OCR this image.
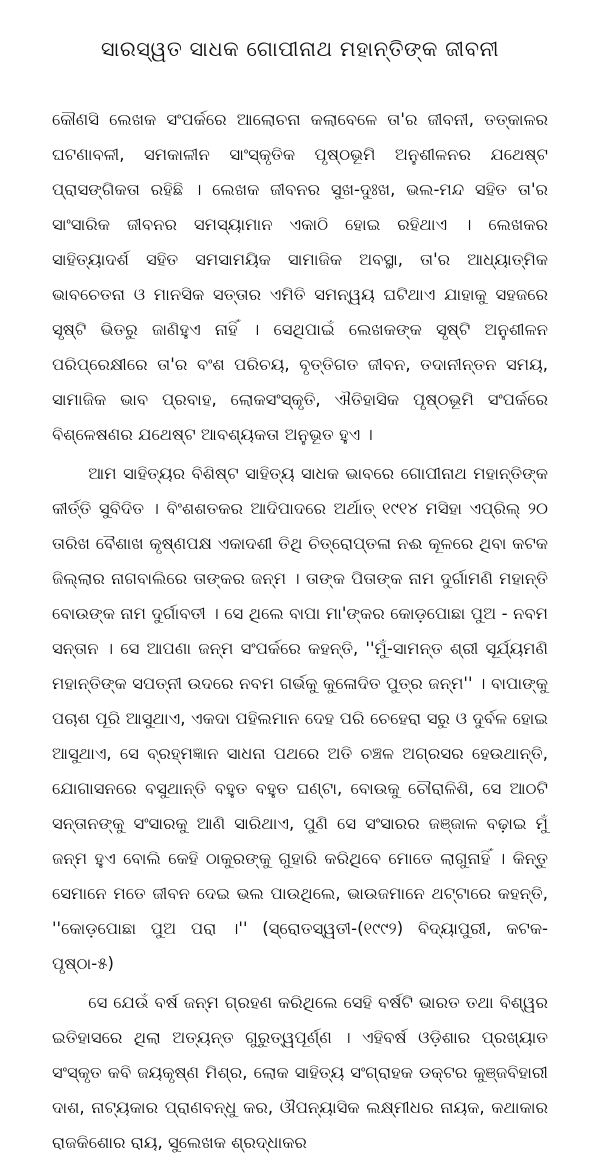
ସାରସ୍ୱତ ସାଧକ ଗୋପୀନାଥ ମହାନ୍ତିଙ୍କ ଜୀବନୀ

କୌଣସି ଲେଖକ ସଂପର୍କରେ ଆଲୋଚନା କଲାବେଳେ ତା'ର ଜୀବନୀ, ତତ୍କାଳର ଘଟଣାବଳୀ, ସମକାଳୀନ ସାଂସ୍କୃତିକ ପୃଷ୍ଠଭୂମି ଅନୁଶୀଳନର ଯଥେଷ୍ଟ ପ୍ରାସଙ୍ଗିକତା ରହିଛି । ଲେଖକ ଜୀବନର ସୁଖ-ଦୁଃଖ, ଭଲ-ମନ୍ଦ ସହିତ ତା'ର ସାଂସାରିକ ଜୀବନର ସମସ୍ୟାମାନ ଏକାଠି ହୋଇ ରହିଥାଏ । ଲେଖକର ସାହିତ୍ୟାଦର୍ଶ ସହିତ ସମସାମୟିକ ସାମାଜିକ ଅବସ୍ଥା, ତା'ର ଆଧ୍ୟାତ୍ମିକ ଭାବଚେତନା ଓ ମାନସିକ ସତ୍ତାର ଏମିତି ସମନ୍ୱୟ ଘଟିଥାଏ ଯାହାକୁ ସହଜରେ ସୃଷ୍ଟି ଭିତରୁ ଜାଣିହୁଏ ନାହିଁ । ସେଥିପାଇଁ ଲେଖକଙ୍କ ସୃଷ୍ଟି ଅନୁଶୀଳନ ପରିପ୍ରେକ୍ଷୀରେ ତା'ର ବଂଶ ପରିଚୟ, ବୃତ୍ତିଗତ ଜୀବନ, ତଦାନୀନ୍ତନ ସମୟ, ସାମାଜିକ ଭାବ ପ୍ରବାହ, ଲୋକସଂସ୍କୃତି, ଐତିହାସିକ ପୃଷ୍ଠଭୂମି ସଂପର୍କରେ ବିଶ୍ଳେଷଣର ଯଥେଷ୍ଟ ଆବଶ୍ୟକତା ଅନୁଭୂତ ହୁଏ ।

ଆମ ସାହିତ୍ୟର ବିଶିଷ୍ଟ ସାହିତ୍ୟ ସାଧକ ଭାବରେ ଗୋପୀନାଥ ମହାନ୍ତିଙ୍କ କୀର୍ତ୍ତି ସୁବିଦିତ । ବିଂଶଶତକର ଆଦିପାଦରେ ଅର୍ଥାତ୍ ୧୯୧୪ ମସିହା ଏପ୍ରିଲ୍ ୨୦ ତାରିଖ ବୈଶାଖ କୃଷ୍ଣପକ୍ଷ ଏକାଦଶୀ ତିଥି ଚିତ୍ରୋପ୍ତଳା ନଈ କୂଳରେ ଥିବା କଟକ ଜିଲ୍ଲାର ନାଗବାଲିରେ ତାଙ୍କର ଜନ୍ମ । ତାଙ୍କ ପିତାଙ୍କ ନାମ ଦୁର୍ଗାମଣି ମହାନ୍ତି ବୋଉଙ୍କ ନାମ ଦୁର୍ଗାବତୀ । ସେ ଥିଲେ ବାପା ମା'ଙ୍କର କୋଡ଼ପୋଛା ପୁଅ - ନବମ ସନ୍ତାନ । ସେ ଆପଣା ଜନ୍ମ ସଂପର୍କରେ କହନ୍ତି, ''ମୁଁ-ସାମନ୍ତ ଶ୍ରୀ ସୂର୍ଯ୍ୟମଣି ମହାନ୍ତିଙ୍କ ସପତ୍ନୀ ଉଦରେ ନବମ ଗର୍ଭକୁ କୁଳୋଦିତ ପୁତ୍ର ଜନ୍ମ'' । ବାପାଙ୍କୁ ପଚାଶ ପୂରି ଆସୁଥାଏ, ଏକଦା ପହିଲମାନ ଦେହ ପରି ଚେହେରା ସରୁ ଓ ଦୁର୍ବଳ ହୋଇ ଆସୁଥାଏ, ସେ ବ୍ରହ୍ମଜ୍ଞାନ ସାଧନା ପଥରେ ଅତି ଚଞ୍ଚଳ ଅଗ୍ରସର ହେଉଥାନ୍ତି, ଯୋଗାସନରେ ବସୁଥାନ୍ତି ବହୁତ ବହୁତ ଘଣ୍ଟା, ବୋଉକୁ ଚୌରାଳିଶି, ସେ ଆଠଟି ସନ୍ତାନଙ୍କୁ ସଂସାରକୁ ଆଣି ସାରିଥାଏ, ପୁଣି ସେ ସଂସାରର ଜଞ୍ଜାଳ ବଢ଼ାଇ ମୁଁ ଜନ୍ମ ହୁଏ ବୋଲି କେହି ଠାକୁରଙ୍କୁ ଗୁହାରି କରିଥିବେ ମୋତେ ଲାଗୁନାହିଁ । କିନ୍ତୁ ସେମାନେ ମତେ ଜୀବନ ଦେଇ ଭଲ ପାଉଥିଲେ, ଭାଉଜମାନେ ଥଟ୍ଟାରେ କହନ୍ତି, ''କୋଡ଼ପୋଛା ପୁଅ ପରା ।'' (ସ୍ରୋତସ୍ୱତୀ-(୧୯୯୨) ବିଦ୍ୟାପୁରୀ, କଟକ-ପୃଷ୍ଠା-୫)

ସେ ଯେଉଁ ବର୍ଷ ଜନ୍ମ ଗ୍ରହଣ କରିଥିଲେ ସେହି ବର୍ଷଟି ଭାରତ ତଥା ବିଶ୍ୱର ଇତିହାସରେ ଥିଲା ଅତ୍ୟନ୍ତ ଗୁରୁତ୍ୱପୂର୍ଣ୍ଣ । ଏହିବର୍ଷ ଓଡ଼ିଶାର ପ୍ରଖ୍ୟାତ ସଂସ୍କୃତ କବି ଜୟକୃଷ୍ଣ ମିଶ୍ର, ଲୋକ ସାହିତ୍ୟ ସଂଗ୍ରାହକ ଡକ୍ଟର କୁଞ୍ଜବିହାରୀ ଦାଶ, ନାଟ୍ୟକାର ପ୍ରାଣବନ୍ଧୁ କର, ଔପନ୍ୟାସିକ ଲକ୍ଷ୍ମୀଧର ନାୟକ, କଥାକାର ରାଜକିଶୋର ରାୟ, ସୁଲେଖକ ଶ୍ରଦ୍ଧାକର
